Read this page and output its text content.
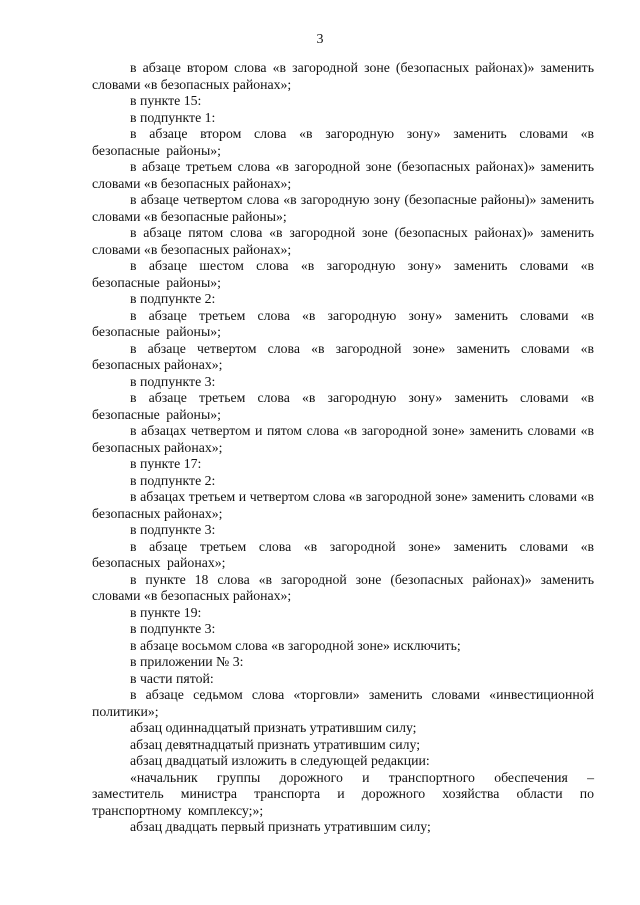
3

в абзаце втором слова «в загородной зоне (безопасных районах)» заменить словами «в безопасных районах»;

в пункте 15:

в подпункте 1:

в абзаце втором слова «в загородную зону» заменить словами «в безопасные районы»;

в абзаце третьем слова «в загородной зоне (безопасных районах)» заменить словами «в безопасных районах»;

в абзаце четвертом слова «в загородную зону (безопасные районы)» заменить словами «в безопасные районы»;

в абзаце пятом слова «в загородной зоне (безопасных районах)» заменить словами «в безопасных районах»;

в абзаце шестом слова «в загородную зону» заменить словами «в безопасные районы»;

в подпункте 2:

в абзаце третьем слова «в загородную зону» заменить словами «в безопасные районы»;

в абзаце четвертом слова «в загородной зоне» заменить словами «в безопасных районах»;

в подпункте 3:

в абзаце третьем слова «в загородную зону» заменить словами «в безопасные районы»;

в абзацах четвертом и пятом слова «в загородной зоне» заменить словами «в безопасных районах»;

в пункте 17:

в подпункте 2:

в абзацах третьем и четвертом слова «в загородной зоне» заменить словами «в безопасных районах»;

в подпункте 3:

в абзаце третьем слова «в загородной зоне» заменить словами «в безопасных районах»;

в пункте 18 слова «в загородной зоне (безопасных районах)» заменить словами «в безопасных районах»;

в пункте 19:

в подпункте 3:

в абзаце восьмом слова «в загородной зоне» исключить;

в приложении № 3:

в части пятой:

в абзаце седьмом слова «торговли» заменить словами «инвестиционной политики»;

абзац одиннадцатый признать утратившим силу;

абзац девятнадцатый признать утратившим силу;

абзац двадцатый изложить в следующей редакции:

«начальник группы дорожного и транспортного обеспечения – заместитель министра транспорта и дорожного хозяйства области по транспортному комплексу;»;

абзац двадцать первый признать утратившим силу;
